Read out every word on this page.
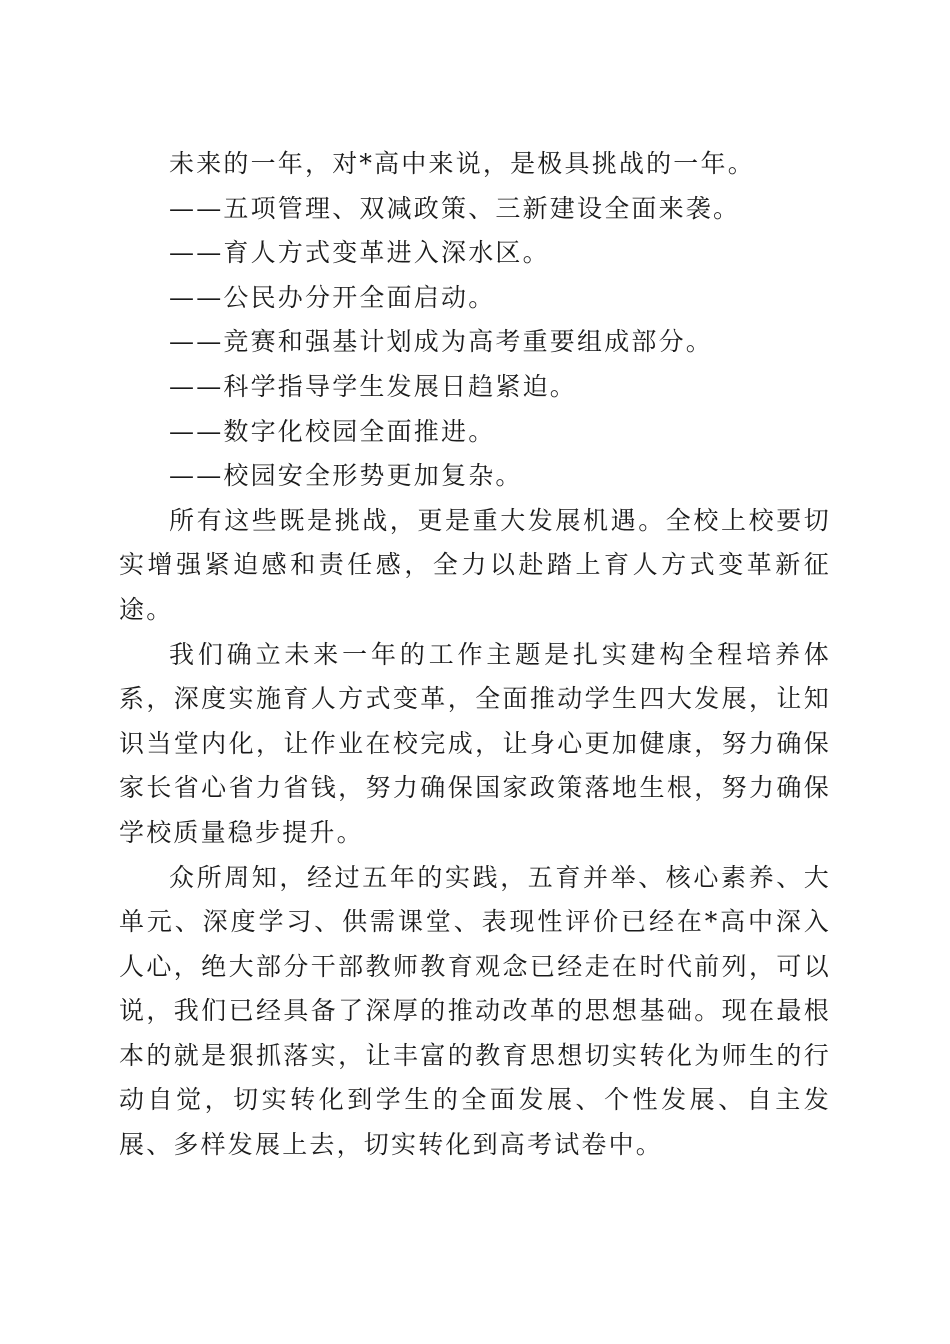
未来的一年，对*高中来说，是极具挑战的一年。

——五项管理、双减政策、三新建设全面来袭。

——育人方式变革进入深水区。

——公民办分开全面启动。

——竞赛和强基计划成为高考重要组成部分。

——科学指导学生发展日趋紧迫。

——数字化校园全面推进。

——校园安全形势更加复杂。

所有这些既是挑战，更是重大发展机遇。全校上校要切实增强紧迫感和责任感，全力以赴踏上育人方式变革新征途。

我们确立未来一年的工作主题是扎实建构全程培养体系，深度实施育人方式变革，全面推动学生四大发展，让知识当堂内化，让作业在校完成，让身心更加健康，努力确保家长省心省力省钱，努力确保国家政策落地生根，努力确保学校质量稳步提升。

众所周知，经过五年的实践，五育并举、核心素养、大单元、深度学习、供需课堂、表现性评价已经在*高中深入人心，绝大部分干部教师教育观念已经走在时代前列，可以说，我们已经具备了深厚的推动改革的思想基础。现在最根本的就是狠抓落实，让丰富的教育思想切实转化为师生的行动自觉，切实转化到学生的全面发展、个性发展、自主发展、多样发展上去，切实转化到高考试卷中。
